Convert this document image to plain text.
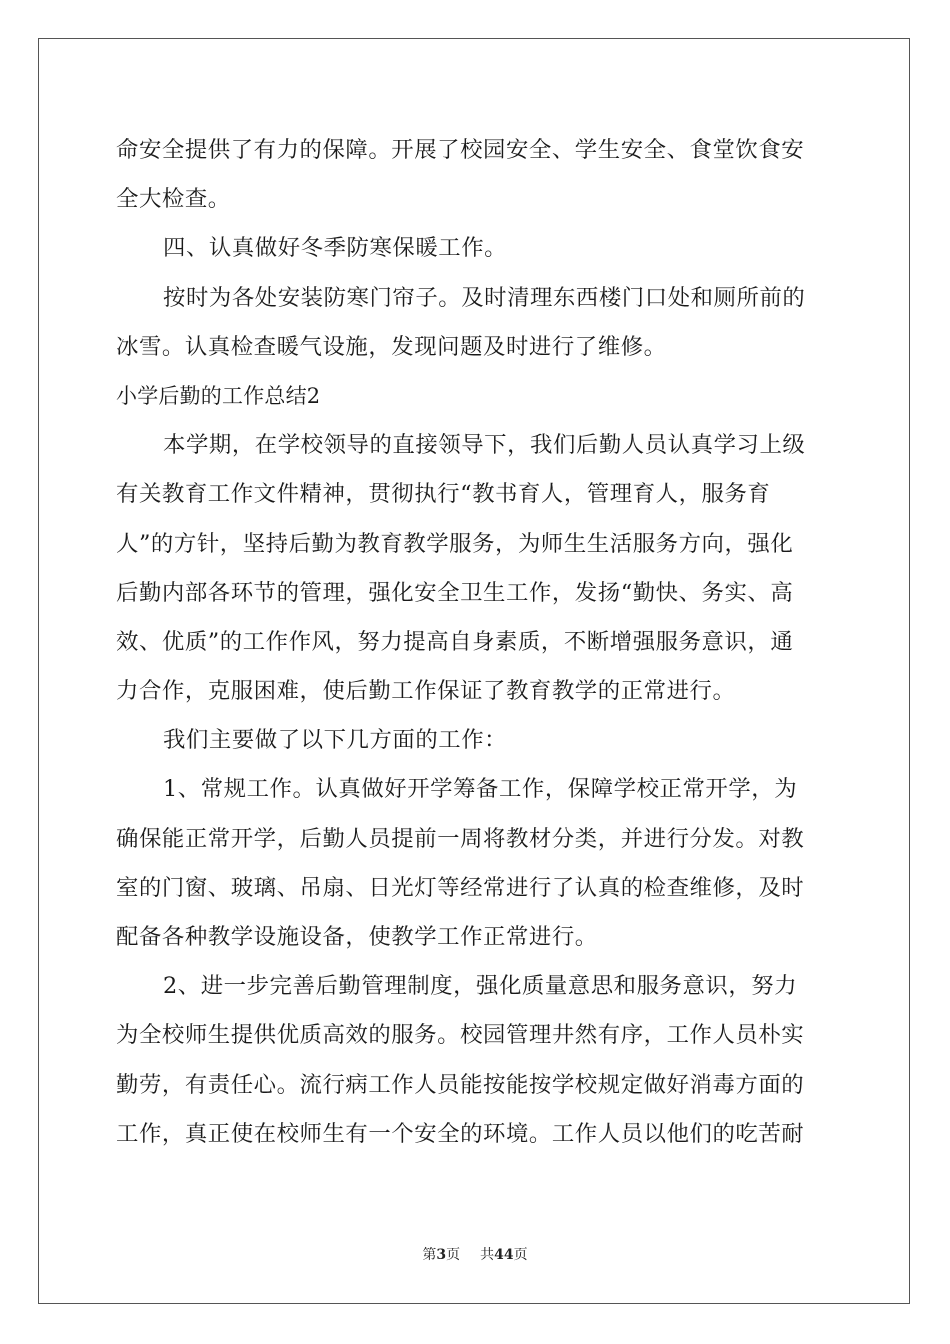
命安全提供了有力的保障。开展了校园安全、学生安全、食堂饮食安
全大检查。
四、认真做好冬季防寒保暖工作。
按时为各处安装防寒门帘子。及时清理东西楼门口处和厕所前的
冰雪。认真检查暖气设施，发现问题及时进行了维修。
小学后勤的工作总结2
本学期，在学校领导的直接领导下，我们后勤人员认真学习上级
有关教育工作文件精神，贯彻执行“教书育人，管理育人，服务育
人”的方针，坚持后勤为教育教学服务，为师生生活服务方向，强化
后勤内部各环节的管理，强化安全卫生工作，发扬“勤快、务实、高
效、优质”的工作作风，努力提高自身素质，不断增强服务意识，通
力合作，克服困难，使后勤工作保证了教育教学的正常进行。
我们主要做了以下几方面的工作：
1、常规工作。认真做好开学筹备工作，保障学校正常开学，为
确保能正常开学，后勤人员提前一周将教材分类，并进行分发。对教
室的门窗、玻璃、吊扇、日光灯等经常进行了认真的检查维修，及时
配备各种教学设施设备，使教学工作正常进行。
2、进一步完善后勤管理制度，强化质量意思和服务意识，努力
为全校师生提供优质高效的服务。校园管理井然有序，工作人员朴实
勤劳，有责任心。流行病工作人员能按能按学校规定做好消毒方面的
工作，真正使在校师生有一个安全的环境。工作人员以他们的吃苦耐
第3页 共44页
